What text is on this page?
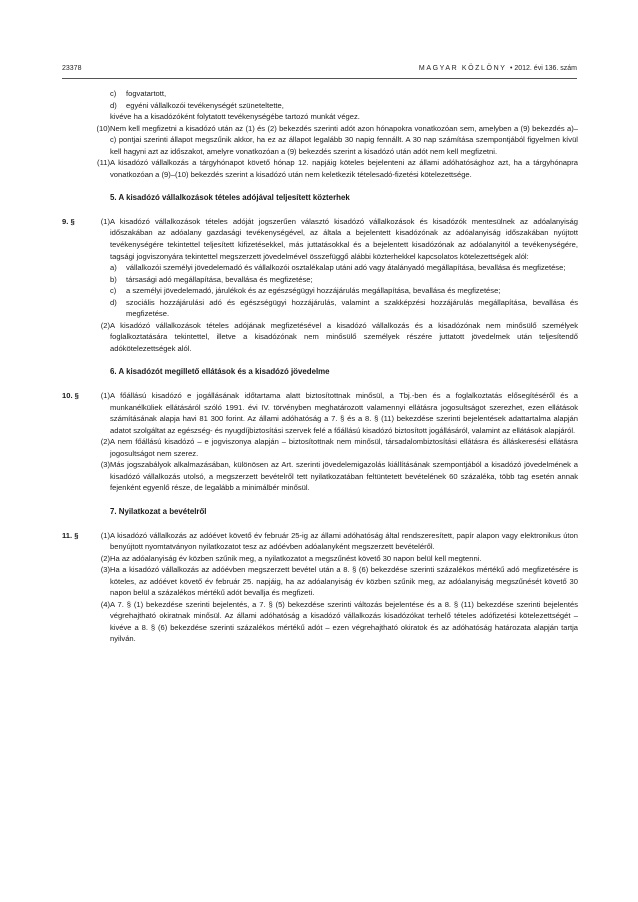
23378	MAGYAR KÖZLÖNY • 2012. évi 136. szám
c) fogvatartott,
d) egyéni vállalkozói tevékenységét szüneteltette,
kivéve ha a kisadózóként folytatott tevékenységébe tartozó munkát végez.
(10) Nem kell megfizetni a kisadózó után az (1) és (2) bekezdés szerinti adót azon hónapokra vonatkozóan sem, amelyben a (9) bekezdés a)–c) pontjai szerinti állapot megszűnik akkor, ha ez az állapot legalább 30 napig fennállt. A 30 nap számítása szempontjából figyelmen kívül kell hagyni azt az időszakot, amelyre vonatkozóan a (9) bekezdés szerint a kisadózó után adót nem kell megfizetni.
(11) A kisadózó vállalkozás a tárgyhónapot követő hónap 12. napjáig köteles bejelenteni az állami adóhatósághoz azt, ha a tárgyhónapra vonatkozóan a (9)–(10) bekezdés szerint a kisadózó után nem keletkezik tételesadó-fizetési kötelezettsége.
5. A kisadózó vállalkozások tételes adójával teljesített közterhek
9. §	(1) A kisadózó vállalkozások tételes adóját jogszerűen választó kisadózó vállalkozások és kisadózók mentesülnek az adóalanyiság időszakában az adóalany gazdasági tevékenységével, az általa a bejelentett kisadózónak az adóalanyiság időszakában nyújtott tevékenységére tekintettel teljesített kifizetésekkel, más juttatásokkal és a bejelentett kisadózónak az adóalanyitól a tevékenységére, tagsági jogviszonyára tekintettel megszerzett jövedelmével összefüggő alábbi közterhekkel kapcsolatos kötelezettségek alól:
a) vállalkozói személyi jövedelemadó és vállalkozói osztalékalap utáni adó vagy átalányadó megállapítása, bevallása és megfizetése;
b) társasági adó megállapítása, bevallása és megfizetése;
c) a személyi jövedelemadó, járulékok és az egészségügyi hozzájárulás megállapítása, bevallása és megfizetése;
d) szociális hozzájárulási adó és egészségügyi hozzájárulás, valamint a szakképzési hozzájárulás megállapítása, bevallása és megfizetése.
(2) A kisadózó vállalkozások tételes adójának megfizetésével a kisadózó vállalkozás és a kisadózónak nem minősülő személyek foglalkoztatására tekintettel, illetve a kisadózónak nem minősülő személyek részére juttatott jövedelmek után teljesítendő adókötelezettségek alól.
6. A kisadózót megillető ellátások és a kisadózó jövedelme
10. §	(1) A főállású kisadózó e jogállásának időtartama alatt biztosítottnak minősül, a Tbj.-ben és a foglalkoztatás elősegítéséről és a munkanélküliek ellátásáról szóló 1991. évi IV. törvényben meghatározott valamennyi ellátásra jogosultságot szerezhet, ezen ellátások számításának alapja havi 81 300 forint. Az állami adóhatóság a 7. § és a 8. § (11) bekezdése szerinti bejelentések adattartalma alapján adatot szolgáltat az egészség- és nyugdíjbiztosítási szervek felé a főállású kisadózó biztosított jogállásáról, valamint az ellátások alapjáról.
(2) A nem főállású kisadózó – e jogviszonya alapján – biztosítottnak nem minősül, társadalombiztosítási ellátásra és álláskeresési ellátásra jogosultságot nem szerez.
(3) Más jogszabályok alkalmazásában, különösen az Art. szerinti jövedelemigazolás kiállításának szempontjából a kisadózó jövedelmének a kisadózó vállalkozás utolsó, a megszerzett bevételről tett nyilatkozatában feltüntetett bevételének 60 százaléka, több tag esetén annak fejenként egyenlő része, de legalább a minimálbér minősül.
7. Nyilatkozat a bevételről
11. §	(1) A kisadózó vállalkozás az adóévet követő év február 25-ig az állami adóhatóság által rendszeresített, papír alapon vagy elektronikus úton benyújtott nyomtatványon nyilatkozatot tesz az adóévben adóalanyként megszerzett bevételéről.
(2) Ha az adóalanyiság év közben szűnik meg, a nyilatkozatot a megszűnést követő 30 napon belül kell megtenni.
(3) Ha a kisadózó vállalkozás az adóévben megszerzett bevétel után a 8. § (6) bekezdése szerinti százalékos mértékű adó megfizetésére is köteles, az adóévet követő év február 25. napjáig, ha az adóalanyiság év közben szűnik meg, az adóalanyiság megszűnését követő 30 napon belül a százalékos mértékű adót bevallja és megfizeti.
(4) A 7. § (1) bekezdése szerinti bejelentés, a 7. § (5) bekezdése szerinti változás bejelentése és a 8. § (11) bekezdése szerinti bejelentés végrehajtható okiratnak minősül. Az állami adóhatóság a kisadózó vállalkozás kisadózókat terhelő tételes adófizetési kötelezettségét – kivéve a 8. § (6) bekezdése szerinti százalékos mértékű adót – ezen végrehajtható okiratok és az adóhatóság határozata alapján tartja nyilván.
